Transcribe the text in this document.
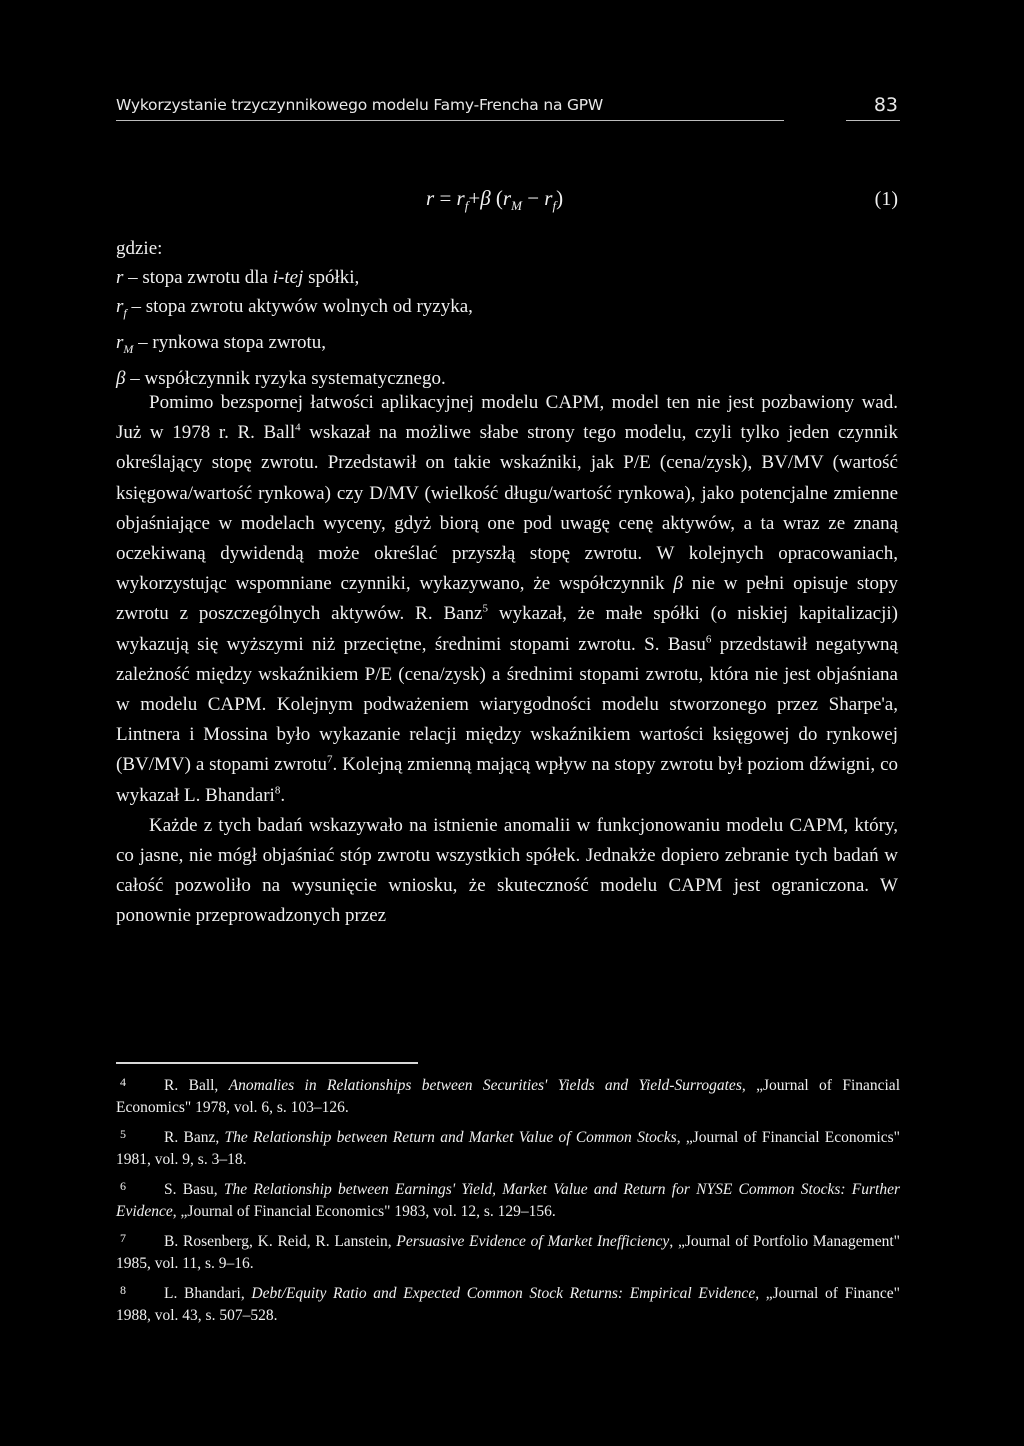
Wykorzystanie trzyczynnikowego modelu Famy-Frencha na GPW	83
$r = r_f+\beta$ $(r_M - r_f)$	(1)
gdzie:
r – stopa zwrotu dla i-tej spółki,
$r_f$ – stopa zwrotu aktywów wolnych od ryzyka,
$r_M$ – rynkowa stopa zwrotu,
β – współczynnik ryzyka systematycznego.

Pomimo bezspornej łatwości aplikacyjnej modelu CAPM, model ten nie jest pozbawiony wad. Już w 1978 r. R. Ball$^4$ wskazał na możliwe słabe strony tego modelu, czyli tylko jeden czynnik określający stopę zwrotu. Przedstawił on takie wskaźniki, jak P/E (cena/zysk), BV/MV (wartość księgowa/wartość rynkowa) czy D/MV (wielkość długu/wartość rynkowa), jako potencjalne zmienne objaśniające w modelach wyceny, gdyż biorą one pod uwagę cenę aktywów, a ta wraz ze znaną oczekiwaną dywidendą może określać przyszłą stopę zwrotu. W kolejnych opracowaniach, wykorzystując wspomniane czynniki, wykazywano, że współczynnik β nie w pełni opisuje stopy zwrotu z poszczególnych aktywów. R. Banz$^5$ wykazał, że małe spółki (o niskiej kapitalizacji) wykazują się wyższymi niż przeciętne, średnimi stopami zwrotu. S. Basu$^6$ przedstawił negatywną zależność między wskaźnikiem P/E (cena/zysk) a średnimi stopami zwrotu, która nie jest objaśniana w modelu CAPM. Kolejnym podważeniem wiarygodności modelu stworzonego przez Sharpe'a, Lintnera i Mossina było wykazanie relacji między wskaźnikiem wartości księgowej do rynkowej (BV/MV) a stopami zwrotu$^7$. Kolejną zmienną mającą wpływ na stopy zwrotu był poziom dźwigni, co wykazał L. Bhandari$^8$.

Każde z tych badań wskazywało na istnienie anomalii w funkcjonowaniu modelu CAPM, który, co jasne, nie mógł objaśniać stóp zwrotu wszystkich spółek. Jednakże dopiero zebranie tych badań w całość pozwoliło na wysunięcie wniosku, że skuteczność modelu CAPM jest ograniczona. W ponownie przeprowadzonych przez

4 R. Ball, Anomalies in Relationships between Securities' Yields and Yield-Surrogates, „Journal of Financial Economics" 1978, vol. 6, s. 103–126.

5 R. Banz, The Relationship between Return and Market Value of Common Stocks, „Journal of Financial Economics" 1981, vol. 9, s. 3–18.

6 S. Basu, The Relationship between Earnings' Yield, Market Value and Return for NYSE Common Stocks: Further Evidence, „Journal of Financial Economics" 1983, vol. 12, s. 129–156.

7 B. Rosenberg, K. Reid, R. Lanstein, Persuasive Evidence of Market Inefficiency, „Journal of Portfolio Management" 1985, vol. 11, s. 9–16.

8 L. Bhandari, Debt/Equity Ratio and Expected Common Stock Returns: Empirical Evidence, „Journal of Finance" 1988, vol. 43, s. 507–528.
